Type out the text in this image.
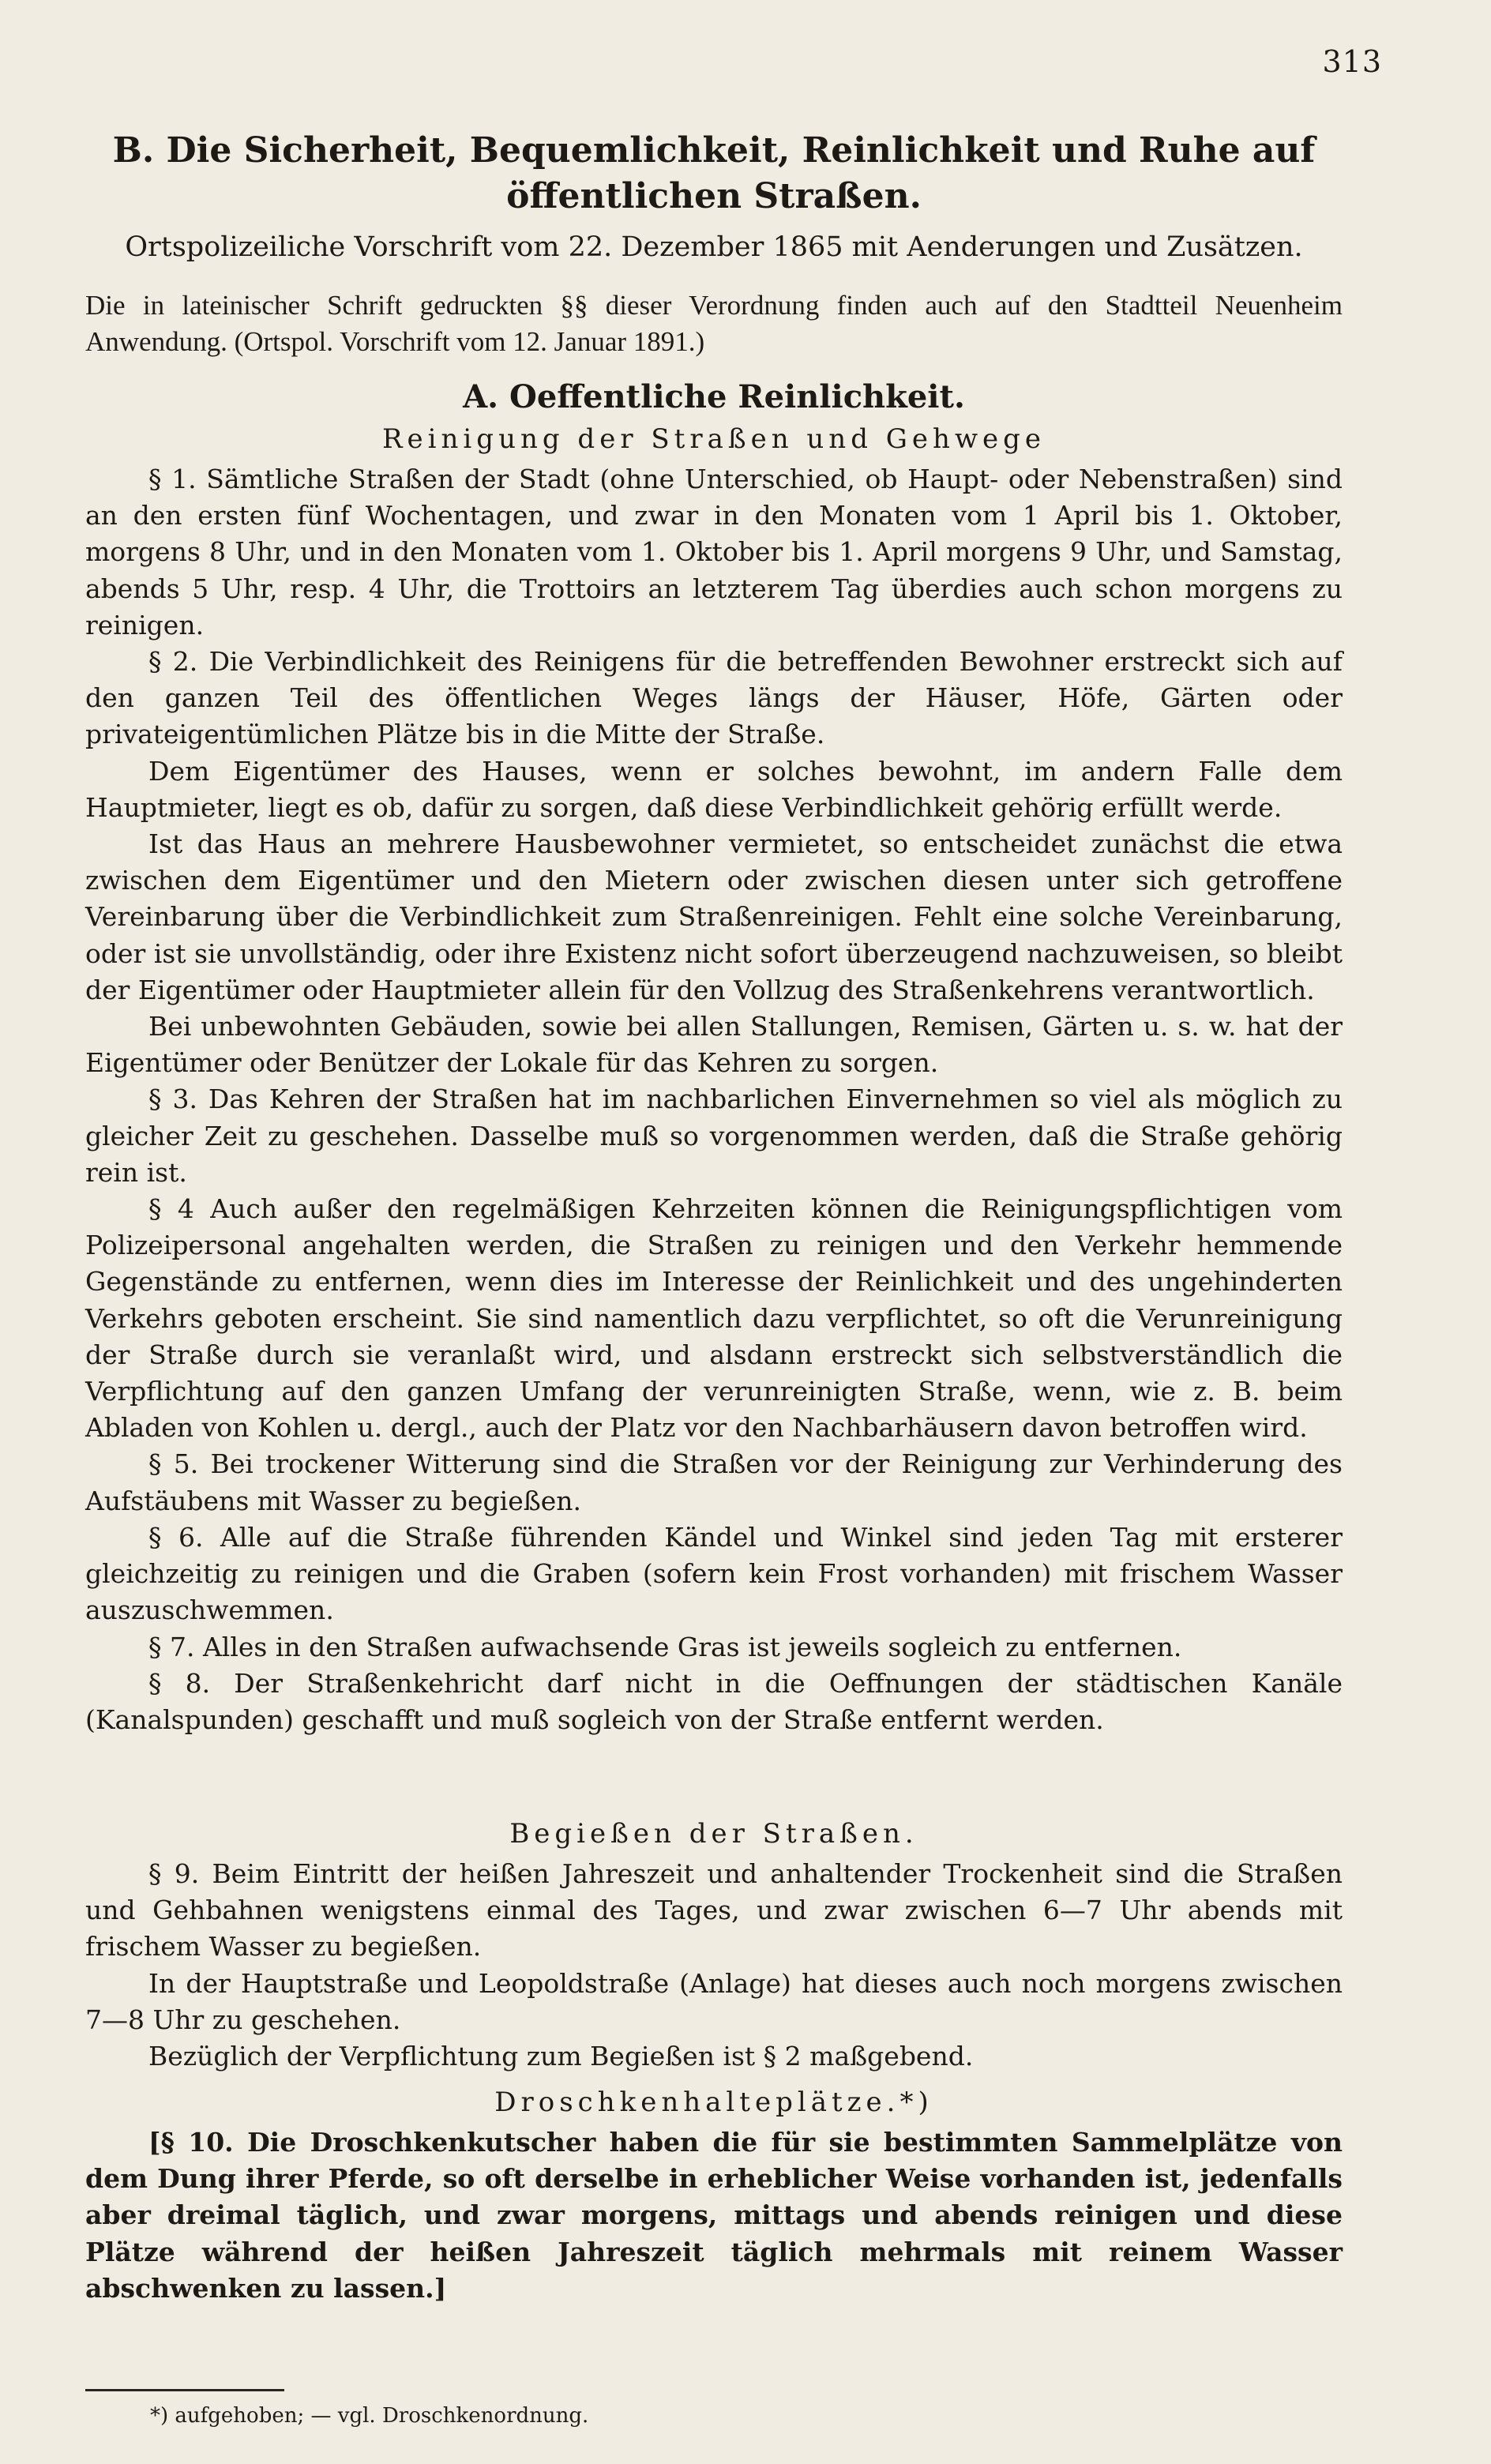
313
B. Die Sicherheit, Bequemlichkeit, Reinlichkeit und Ruhe auf
öffentlichen Straßen.
Ortspolizeiliche Vorschrift vom 22. Dezember 1865 mit Aenderungen und Zusätzen.
Die in lateinischer Schrift gedruckten §§ dieser Verordnung finden auch auf den Stadtteil Neuenheim Anwendung. (Ortspol. Vorschrift vom 12. Januar 1891.)
A. Oeffentliche Reinlichkeit.
Reinigung der Straßen und Gehwege

§ 1. Sämtliche Straßen der Stadt (ohne Unterschied, ob Haupt- oder Nebenstraßen) sind an den ersten fünf Wochentagen, und zwar in den Monaten vom 1 April bis 1. Oktober, morgens 8 Uhr, und in den Monaten vom 1. Oktober bis 1. April morgens 9 Uhr, und Samstag, abends 5 Uhr, resp. 4 Uhr, die Trottoirs an letzterem Tag überdies auch schon morgens zu reinigen.

§ 2. Die Verbindlichkeit des Reinigens für die betreffenden Bewohner erstreckt sich auf den ganzen Teil des öffentlichen Weges längs der Häuser, Höfe, Gärten oder privateigentümlichen Plätze bis in die Mitte der Straße.

Dem Eigentümer des Hauses, wenn er solches bewohnt, im andern Falle dem Hauptmieter, liegt es ob, dafür zu sorgen, daß diese Verbindlichkeit gehörig erfüllt werde.

Ist das Haus an mehrere Hausbewohner vermietet, so entscheidet zunächst die etwa zwischen dem Eigentümer und den Mietern oder zwischen diesen unter sich getroffene Vereinbarung über die Verbindlichkeit zum Straßenreinigen. Fehlt eine solche Vereinbarung, oder ist sie unvollständig, oder ihre Existenz nicht sofort überzeugend nachzuweisen, so bleibt der Eigentümer oder Hauptmieter allein für den Vollzug des Straßenkehrens verantwortlich.

Bei unbewohnten Gebäuden, sowie bei allen Stallungen, Remisen, Gärten u. s. w. hat der Eigentümer oder Benützer der Lokale für das Kehren zu sorgen.

§ 3. Das Kehren der Straßen hat im nachbarlichen Einvernehmen so viel als möglich zu gleicher Zeit zu geschehen. Dasselbe muß so vorgenommen werden, daß die Straße gehörig rein ist.

§ 4 Auch außer den regelmäßigen Kehrzeiten können die Reinigungspflichtigen vom Polizeipersonal angehalten werden, die Straßen zu reinigen und den Verkehr hemmende Gegenstände zu entfernen, wenn dies im Interesse der Reinlichkeit und des ungehinderten Verkehrs geboten erscheint. Sie sind namentlich dazu verpflichtet, so oft die Verunreinigung der Straße durch sie veranlaßt wird, und alsdann erstreckt sich selbstverständlich die Verpflichtung auf den ganzen Umfang der verunreinigten Straße, wenn, wie z. B. beim Abladen von Kohlen u. dergl., auch der Platz vor den Nachbarhäusern davon betroffen wird.

§ 5. Bei trockener Witterung sind die Straßen vor der Reinigung zur Verhinderung des Aufstäubens mit Wasser zu begießen.

§ 6. Alle auf die Straße führenden Kändel und Winkel sind jeden Tag mit ersterer gleichzeitig zu reinigen und die Graben (sofern kein Frost vorhanden) mit frischem Wasser auszuschwemmen.

§ 7. Alles in den Straßen aufwachsende Gras ist jeweils sogleich zu entfernen.

§ 8. Der Straßenkehricht darf nicht in die Oeffnungen der städtischen Kanäle (Kanalspunden) geschafft und muß sogleich von der Straße entfernt werden.

Begießen der Straßen.

§ 9. Beim Eintritt der heißen Jahreszeit und anhaltender Trockenheit sind die Straßen und Gehbahnen wenigstens einmal des Tages, und zwar zwischen 6—7 Uhr abends mit frischem Wasser zu begießen.

In der Hauptstraße und Leopoldstraße (Anlage) hat dieses auch noch morgens zwischen 7—8 Uhr zu geschehen.

Bezüglich der Verpflichtung zum Begießen ist § 2 maßgebend.

Droschkenhalteplätze.*)

[§ 10. Die Droschkenkutscher haben die für sie bestimmten Sammelplätze von dem Dung ihrer Pferde, so oft derselbe in erheblicher Weise vorhanden ist, jedenfalls aber dreimal täglich, und zwar morgens, mittags und abends reinigen und diese Plätze während der heißen Jahreszeit täglich mehrmals mit reinem Wasser abschwenken zu lassen.]

*) aufgehoben; — vgl. Droschkenordnung.
